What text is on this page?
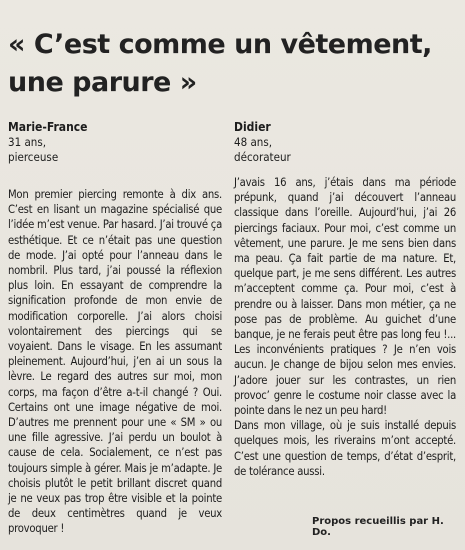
« C’est comme un vêtement,
une parure »
Marie-France
31 ans,
pierceuse
Mon premier piercing remonte à dix ans. C’est en lisant un magazine spécialisé que l’idée m’est venue. Par hasard. J’ai trouvé ça esthétique. Et ce n’était pas une question de mode. J’ai opté pour l’anneau dans le nombril. Plus tard, j’ai poussé la réflexion plus loin. En essayant de comprendre la signification profonde de mon envie de modification corporelle. J’ai alors choisi volontairement des piercings qui se voyaient. Dans le visage. En les assumant pleinement. Aujourd’hui, j’en ai un sous la lèvre. Le regard des autres sur moi, mon corps, ma façon d’être a-t-il changé ? Oui. Certains ont une image négative de moi. D’autres me prennent pour une « SM » ou une fille agressive. J’ai perdu un boulot à cause de cela. Socialement, ce n’est pas toujours simple à gérer. Mais je m’adapte. Je choisis plutôt le petit brillant discret quand je ne veux pas trop être visible et la pointe de deux centimètres quand je veux provoquer !
Didier
48 ans,
décorateur
J’avais 16 ans, j’étais dans ma période prépunk, quand j’ai découvert l’anneau classique dans l’oreille. Aujourd’hui, j’ai 26 piercings faciaux. Pour moi, c’est comme un vêtement, une parure. Je me sens bien dans ma peau. Ça fait partie de ma nature. Et, quelque part, je me sens différent. Les autres m’acceptent comme ça. Pour moi, c’est à prendre ou à laisser. Dans mon métier, ça ne pose pas de problème. Au guichet d’une banque, je ne ferais peut être pas long feu !... Les inconvénients pratiques ? Je n’en vois aucun. Je change de bijou selon mes envies. J’adore jouer sur les contrastes, un rien provoc’ genre le costume noir classe avec la pointe dans le nez un peu hard!
Dans mon village, où je suis installé depuis quelques mois, les riverains m’ont accepté. C’est une question de temps, d’état d’esprit, de tolérance aussi.
Propos recueillis par H. Do.
